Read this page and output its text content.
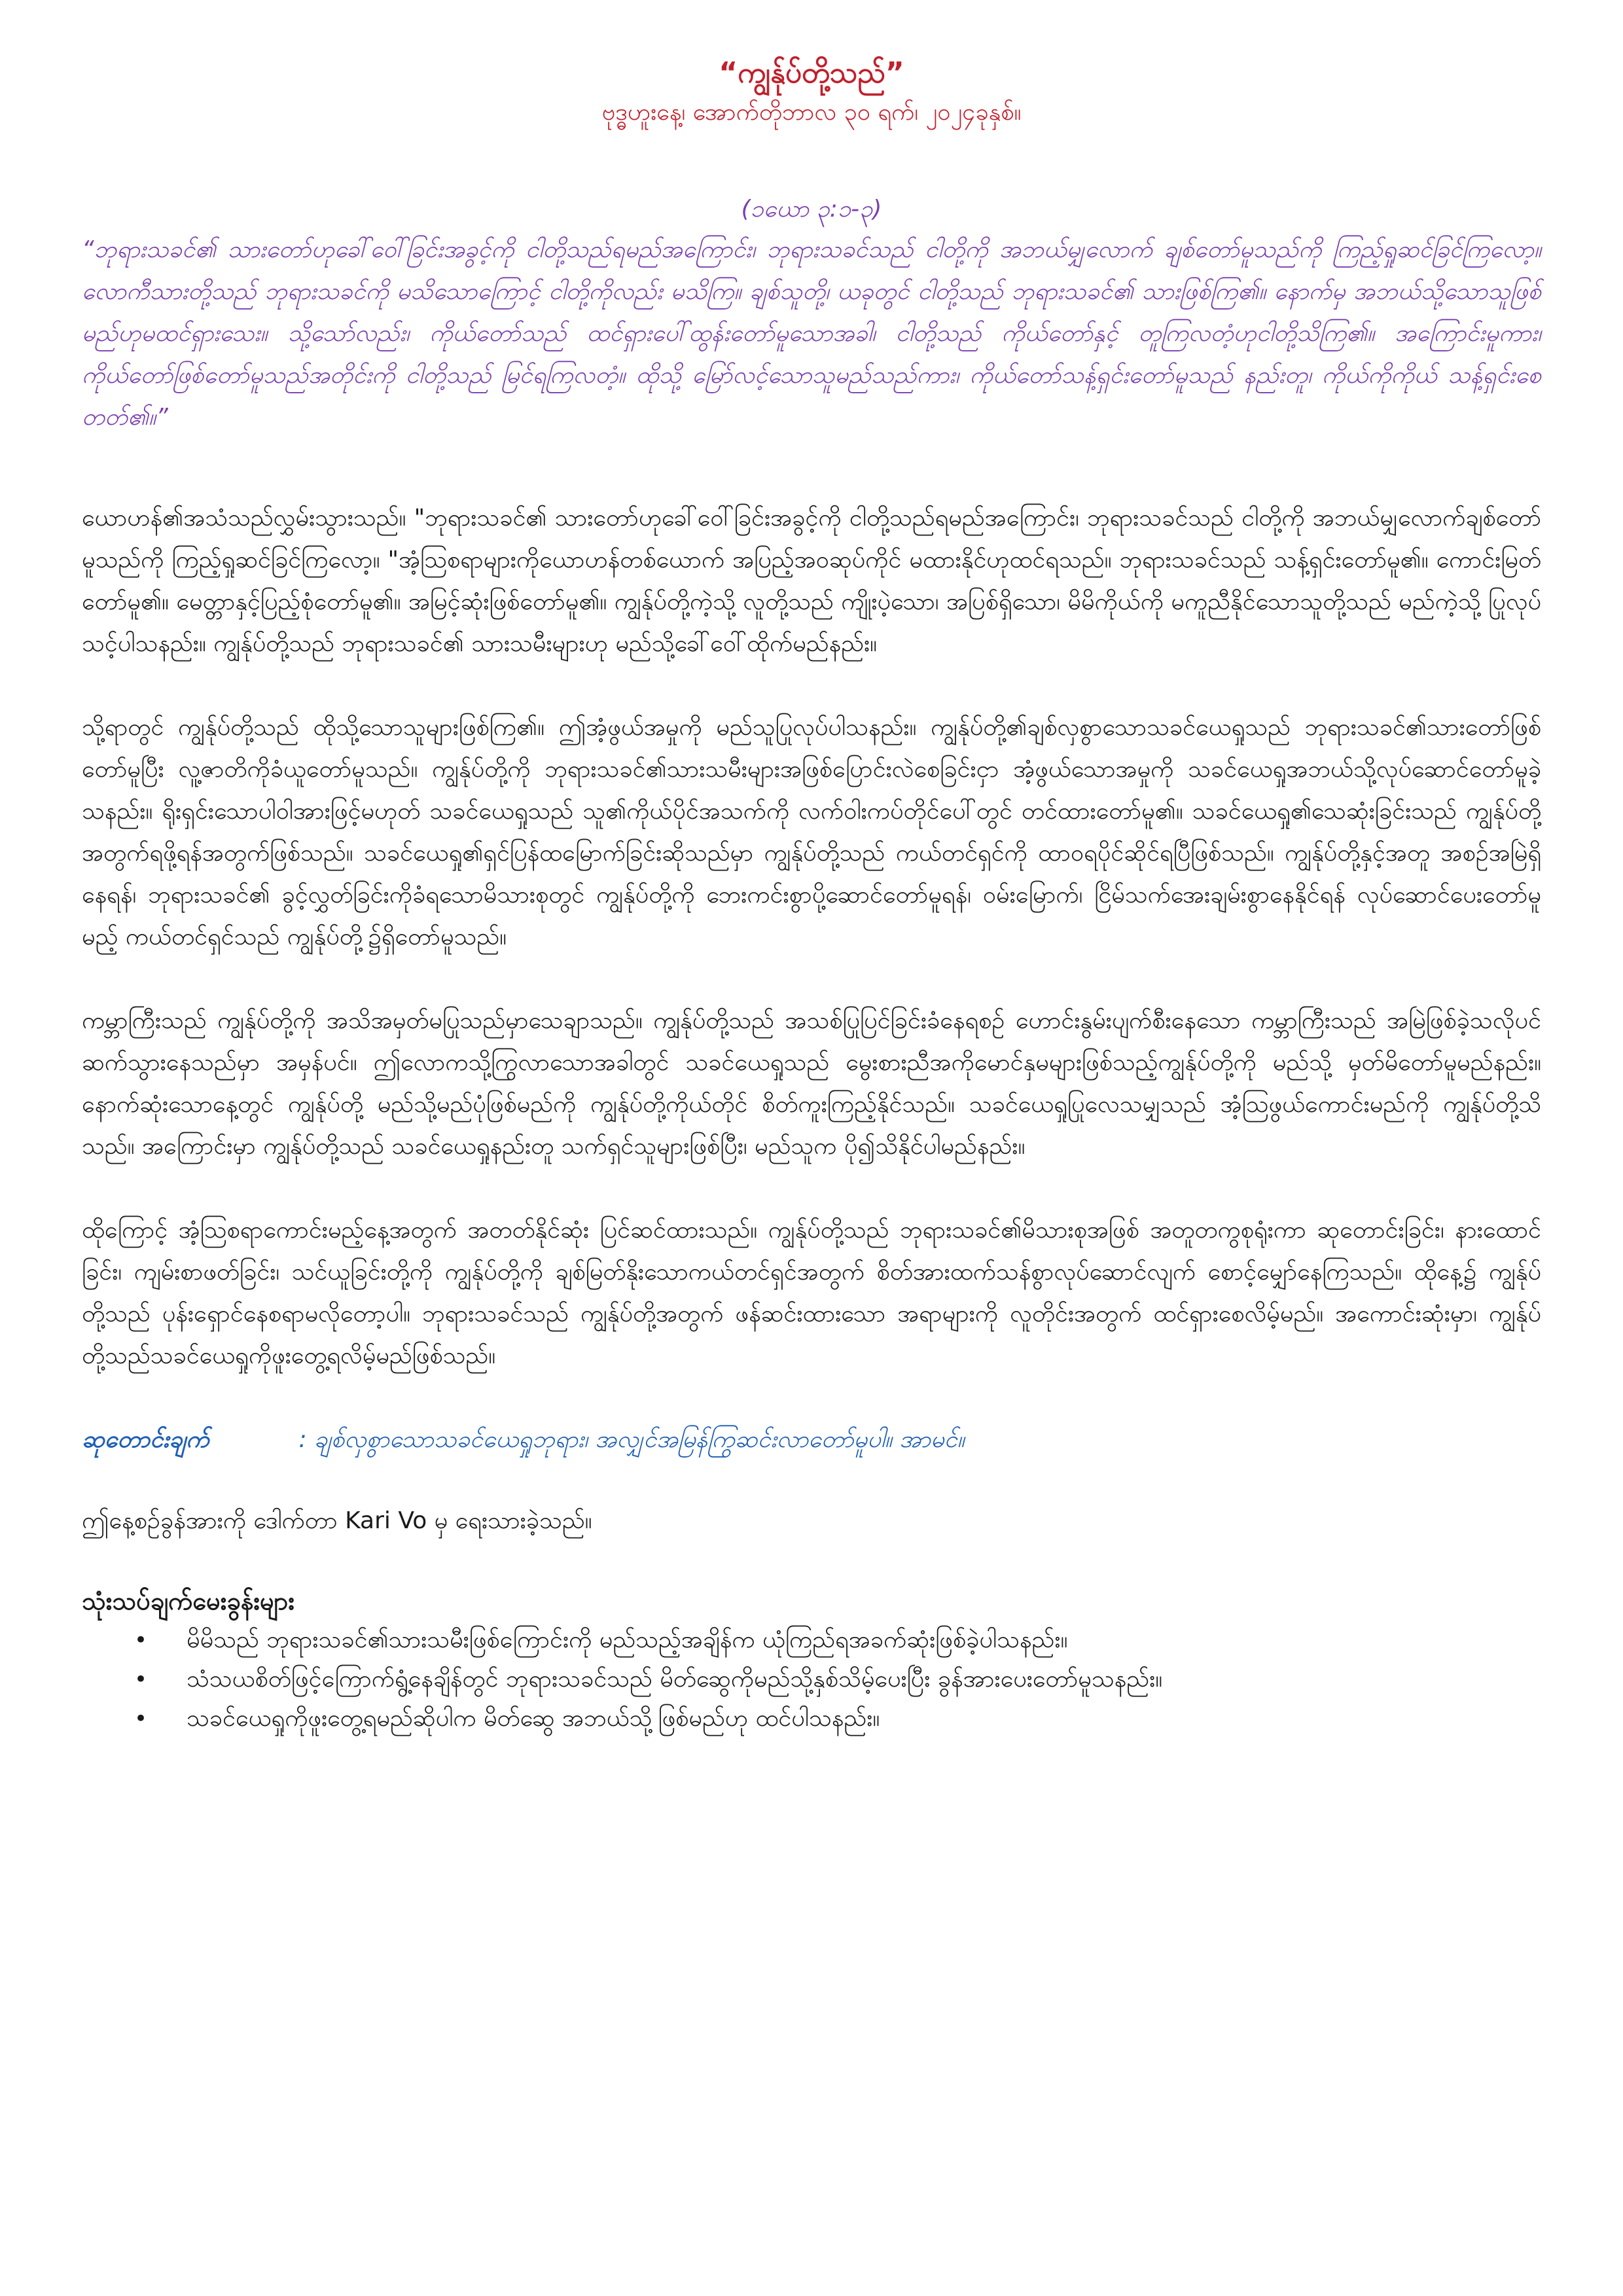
“ကျွန်ုပ်တို့သည်”

ဗုဒ္ဓဟူးနေ့၊ အောက်တိုဘာလ ၃၀ ရက်၊ ၂၀၂၄ခုနှစ်။

(၁ယော ၃:၁-၃)

“ဘုရားသခင်၏ သားတော်ဟုခေါ်ဝေါ်ခြင်းအခွင့်ကို ငါတို့သည်ရမည်အကြောင်း၊ ဘုရားသခင်သည် ငါတို့ကို အဘယ်မျှလောက် ချစ်တော်မူသည်ကို ကြည့်ရှုဆင်ခြင်ကြလော့။ လောကီသားတို့သည် ဘုရားသခင်ကို မသိသောကြောင့် ငါတို့ကိုလည်း မသိကြ။ ချစ်သူတို့၊ ယခုတွင် ငါတို့သည် ဘုရားသခင်၏ သားဖြစ်ကြ၏။ နောက်မှ အဘယ်သို့သောသူဖြစ်မည်ဟုမထင်ရှားသေး။ သို့သော်လည်း၊ ကိုယ်တော်သည် ထင်ရှားပေါ်ထွန်းတော်မူသောအခါ၊ ငါတို့သည် ကိုယ်တော်နှင့် တူကြလတံ့ဟုငါတို့သိကြ၏။ အကြောင်းမူကား၊ ကိုယ်တော်ဖြစ်တော်မူသည်အတိုင်းကို ငါတို့သည် မြင်ရကြလတံ့။ ထိုသို့ မြော်လင့်သောသူမည်သည်ကား၊ ကိုယ်တော်သန့်ရှင်းတော်မူသည် နည်းတူ၊ ကိုယ်ကိုကိုယ် သန့်ရှင်းစေတတ်၏။”

ယောဟန်၏အသံသည်လွှမ်းသွားသည်။ "ဘုရားသခင်၏ သားတော်ဟုခေါ်ဝေါ်ခြင်းအခွင့်ကို ငါတို့သည်ရမည်အကြောင်း၊ ဘုရားသခင်သည် ငါတို့ကို အဘယ်မျှလောက်ချစ်တော်မူသည်ကို ကြည့်ရှုဆင်ခြင်ကြလော့။ "အံ့သြစရာများကိုယောဟန်တစ်ယောက် အပြည့်အဝဆုပ်ကိုင် မထားနိုင်ဟုထင်ရသည်။ ဘုရားသခင်သည် သန့်ရှင်းတော်မူ၏။ ကောင်းမြတ်တော်မူ၏။ မေတ္တာနှင့်ပြည့်စုံတော်မူ၏။ အမြင့်ဆုံးဖြစ်တော်မူ၏။ ကျွန်ုပ်တို့ကဲ့သို့ လူတို့သည် ကျိုးပဲ့သော၊ အပြစ်ရှိသော၊ မိမိကိုယ်ကို မကူညီနိုင်သောသူတို့သည် မည်ကဲ့သို့ ပြုလုပ်သင့်ပါသနည်း။ ကျွန်ုပ်တို့သည် ဘုရားသခင်၏ သားသမီးများဟု မည်သို့ခေါ်ဝေါ်ထိုက်မည်နည်း။

သို့ရာတွင် ကျွန်ုပ်တို့သည် ထိုသို့သောသူများဖြစ်ကြ၏။ ဤအံ့ဖွယ်အမှုကို မည်သူပြုလုပ်ပါသနည်း။ ကျွန်ုပ်တို့၏ချစ်လှစွာသောသခင်ယေရှုသည် ဘုရားသခင်၏သားတော်ဖြစ်တော်မူပြီး လူ့ဇာတိကိုခံယူတော်မူသည်။ ကျွန်ုပ်တို့ကို ဘုရားသခင်၏သားသမီးများအဖြစ်ပြောင်းလဲစေခြင်းငှာ အံ့ဖွယ်သောအမှုကို သခင်ယေရှုအဘယ်သို့လုပ်ဆောင်တော်မူခဲ့သနည်း။ ရိုးရှင်းသောပါဝါအားဖြင့်မဟုတ် သခင်ယေရှုသည် သူ၏ကိုယ်ပိုင်အသက်ကို လက်ဝါးကပ်တိုင်ပေါ်တွင် တင်ထားတော်မူ၏။ သခင်ယေရှု၏သေဆုံးခြင်းသည် ကျွန်ုပ်တို့အတွက်ရဖို့ရန်အတွက်ဖြစ်သည်။ သခင်ယေရှု၏ရှင်ပြန်ထမြောက်ခြင်းဆိုသည်မှာ ကျွန်ုပ်တို့သည် ကယ်တင်ရှင်ကို ထာဝရပိုင်ဆိုင်ရပြီဖြစ်သည်။ ကျွန်ုပ်တို့နှင့်အတူ အစဉ်အမြဲရှိနေရန်၊ ဘုရားသခင်၏ ခွင့်လွှတ်ခြင်းကိုခံရသောမိသားစုတွင် ကျွန်ုပ်တို့ကို ဘေးကင်းစွာပို့ဆောင်တော်မူရန်၊ ဝမ်းမြောက်၊ ငြိမ်သက်အေးချမ်းစွာနေနိုင်ရန် လုပ်ဆောင်ပေးတော်မူမည့် ကယ်တင်ရှင်သည် ကျွန်ုပ်တို့၌ရှိတော်မူသည်။

ကမ္ဘာကြီးသည် ကျွန်ုပ်တို့ကို အသိအမှတ်မပြုသည်မှာသေချာသည်။ ကျွန်ုပ်တို့သည် အသစ်ပြုပြင်ခြင်းခံနေရစဉ် ဟောင်းနွမ်းပျက်စီးနေသော ကမ္ဘာကြီးသည် အမြဲဖြစ်ခဲ့သလိုပင် ဆက်သွားနေသည်မှာ အမှန်ပင်။ ဤလောကသို့ကြွလာသောအခါတွင် သခင်ယေရှုသည် မွေးစားညီအကိုမောင်နှမများဖြစ်သည့်ကျွန်ုပ်တို့ကို မည်သို့ မှတ်မိတော်မူမည်နည်း။ နောက်ဆုံးသောနေ့တွင် ကျွန်ုပ်တို့ မည်သို့မည်ပုံဖြစ်မည်ကို ကျွန်ုပ်တို့ကိုယ်တိုင် စိတ်ကူးကြည့်နိုင်သည်။ သခင်ယေရှုပြုလေသမျှသည် အံ့သြဖွယ်ကောင်းမည်ကို ကျွန်ုပ်တို့သိသည်။ အကြောင်းမှာ ကျွန်ုပ်တို့သည် သခင်ယေရှုနည်းတူ သက်ရှင်သူများဖြစ်ပြီး၊ မည်သူက ပို၍သိနိုင်ပါမည်နည်း။

ထိုကြောင့် အံ့သြစရာကောင်းမည့်နေ့အတွက် အတတ်နိုင်ဆုံး ပြင်ဆင်ထားသည်။ ကျွန်ုပ်တို့သည် ဘုရားသခင်၏မိသားစုအဖြစ် အတူတကွစုရုံးကာ ဆုတောင်းခြင်း၊ နားထောင်ခြင်း၊ ကျမ်းစာဖတ်ခြင်း၊ သင်ယူခြင်းတို့ကို ကျွန်ုပ်တို့ကို ချစ်မြတ်နိုးသောကယ်တင်ရှင်အတွက် စိတ်အားထက်သန်စွာလုပ်ဆောင်လျက် စောင့်မျှော်နေကြသည်။ ထိုနေ့၌ ကျွန်ုပ်တို့သည် ပုန်းရှောင်နေစရာမလိုတော့ပါ။ ဘုရားသခင်သည် ကျွန်ုပ်တို့အတွက် ဖန်ဆင်းထားသော အရာများကို လူတိုင်းအတွက် ထင်ရှားစေလိမ့်မည်။ အကောင်းဆုံးမှာ၊ ကျွန်ုပ်တို့သည်သခင်ယေရှုကိုဖူးတွေ့ရလိမ့်မည်ဖြစ်သည်။

ဆုတောင်းချက်	: ချစ်လှစွာသောသခင်ယေရှုဘုရား၊ အလျှင်အမြန်ကြွဆင်းလာတော်မူပါ။ အာမင်။

ဤနေ့စဉ်ခွန်အားကို ဒေါက်တာ Kari Vo မှ ရေးသားခဲ့သည်။

သုံးသပ်ချက်မေးခွန်းများ

•	မိမိသည် ဘုရားသခင်၏သားသမီးဖြစ်ကြောင်းကို မည်သည့်အချိန်က ယုံကြည်ရအခက်ဆုံးဖြစ်ခဲ့ပါသနည်း။
•	သံသယစိတ်ဖြင့်ကြောက်ရွံ့နေချိန်တွင် ဘုရားသခင်သည် မိတ်ဆွေကိုမည်သို့နှစ်သိမ့်ပေးပြီး ခွန်အားပေးတော်မူသနည်း။
•	သခင်ယေရှုကိုဖူးတွေ့ရမည်ဆိုပါက မိတ်ဆွေ အဘယ်သို့ဖြစ်မည်ဟု ထင်ပါသနည်း။
